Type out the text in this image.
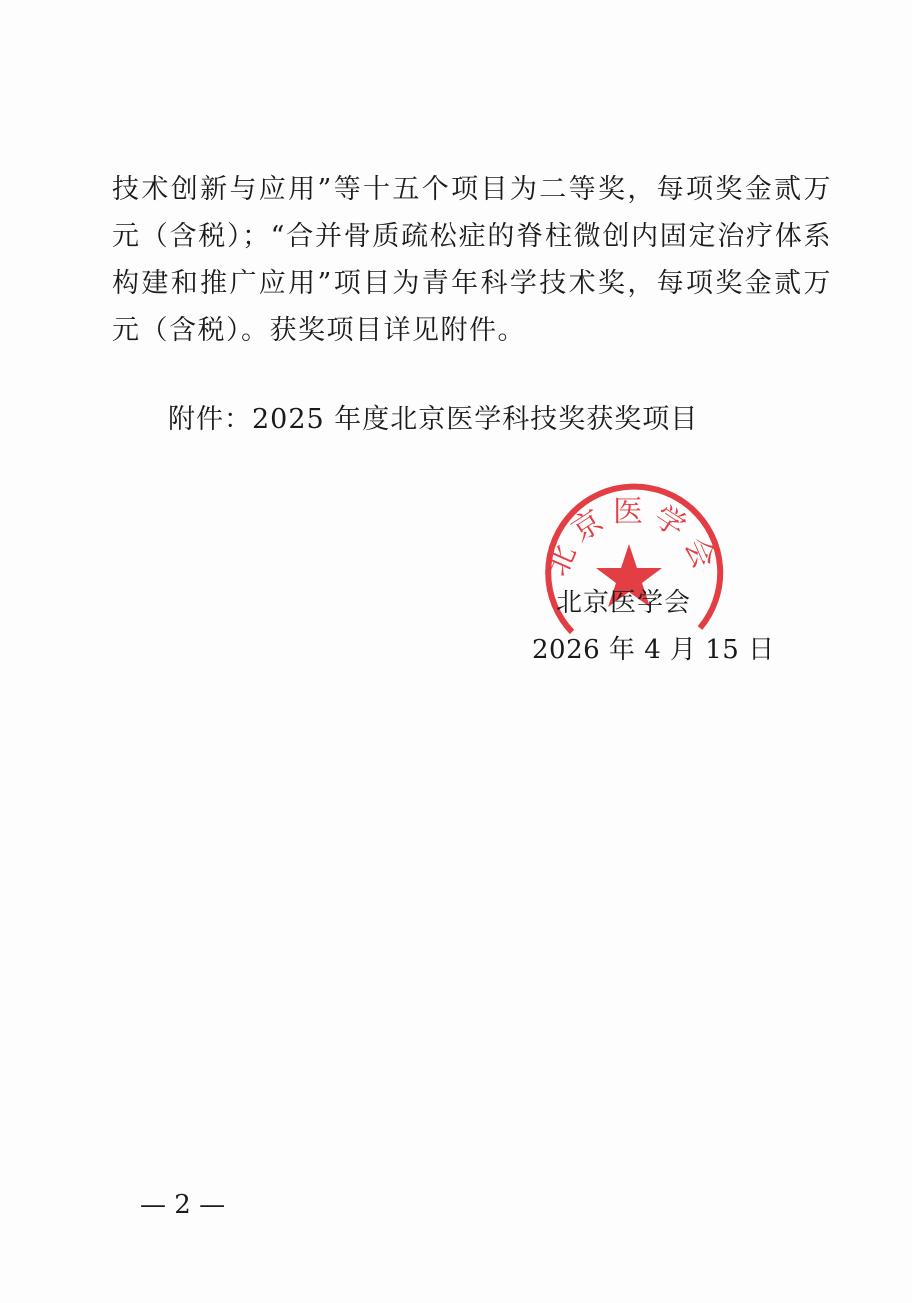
技术创新与应用”等十五个项目为二等奖，每项奖金贰万元（含税）；“合并骨质疏松症的脊柱微创内固定治疗体系构建和推广应用”项目为青年科学技术奖，每项奖金贰万元（含税）。获奖项目详见附件。

附件：2025 年度北京医学科技奖获奖项目
北京医学会
北京医学会
2026 年 4 月 15 日
— 2 —
